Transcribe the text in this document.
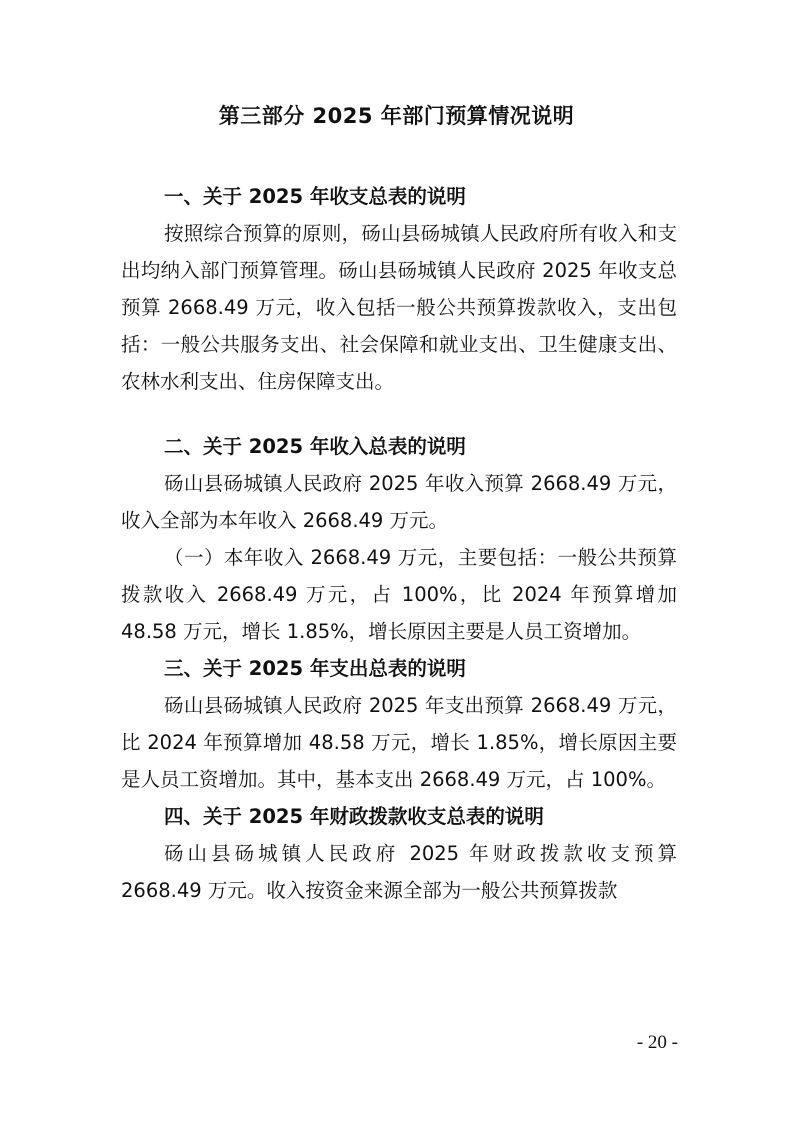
第三部分 2025 年部门预算情况说明

一、关于 2025 年收支总表的说明

按照综合预算的原则，砀山县砀城镇人民政府所有收入和支出均纳入部门预算管理。砀山县砀城镇人民政府 2025 年收支总预算 2668.49 万元，收入包括一般公共预算拨款收入，支出包括：一般公共服务支出、社会保障和就业支出、卫生健康支出、农林水利支出、住房保障支出。

二、关于 2025 年收入总表的说明

砀山县砀城镇人民政府 2025 年收入预算 2668.49 万元，收入全部为本年收入 2668.49 万元。

（一）本年收入 2668.49 万元，主要包括：一般公共预算拨款收入 2668.49 万元，占 100%，比 2024 年预算增加 48.58 万元，增长 1.85%，增长原因主要是人员工资增加。

三、关于 2025 年支出总表的说明

砀山县砀城镇人民政府 2025 年支出预算 2668.49 万元，比 2024 年预算增加 48.58 万元，增长 1.85%，增长原因主要是人员工资增加。其中，基本支出 2668.49 万元，占 100%。

四、关于 2025 年财政拨款收支总表的说明

砀山县砀城镇人民政府 2025 年财政拨款收支预算 2668.49 万元。收入按资金来源全部为一般公共预算拨款

- 20 -
